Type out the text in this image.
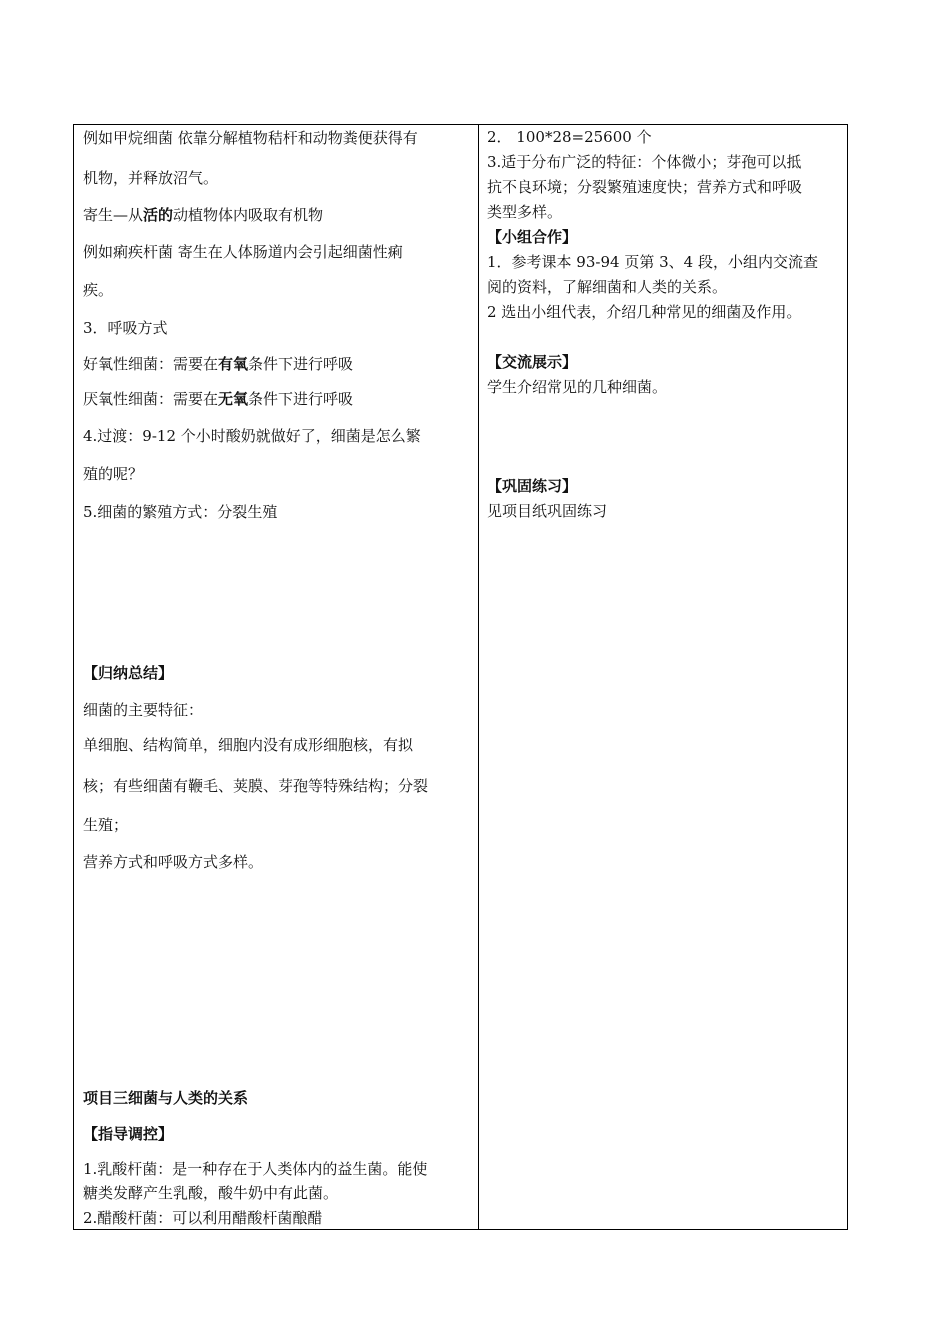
例如甲烷细菌 依靠分解植物秸杆和动物粪便获得有
机物，并释放沼气。
寄生—从活的动植物体内吸取有机物
例如痢疾杆菌 寄生在人体肠道内会引起细菌性痢
疾。
3．呼吸方式
好氧性细菌：需要在有氧条件下进行呼吸
厌氧性细菌：需要在无氧条件下进行呼吸
4.过渡：9-12 个小时酸奶就做好了，细菌是怎么繁
殖的呢？
5.细菌的繁殖方式：分裂生殖
【归纳总结】
细菌的主要特征：
单细胞、结构简单，细胞内没有成形细胞核，有拟
核；有些细菌有鞭毛、荚膜、芽孢等特殊结构；分裂
生殖；
营养方式和呼吸方式多样。
项目三细菌与人类的关系
【指导调控】
1.乳酸杆菌：是一种存在于人类体内的益生菌。能使
糖类发酵产生乳酸，酸牛奶中有此菌。
2.醋酸杆菌：可以利用醋酸杆菌酿醋
2． 100*28=25600 个
3.适于分布广泛的特征：个体微小；芽孢可以抵
抗不良环境；分裂繁殖速度快；营养方式和呼吸
类型多样。
【小组合作】
1．参考课本 93-94 页第 3、4 段，小组内交流查
阅的资料，了解细菌和人类的关系。
2 选出小组代表，介绍几种常见的细菌及作用。
【交流展示】
学生介绍常见的几种细菌。
【巩固练习】
见项目纸巩固练习
